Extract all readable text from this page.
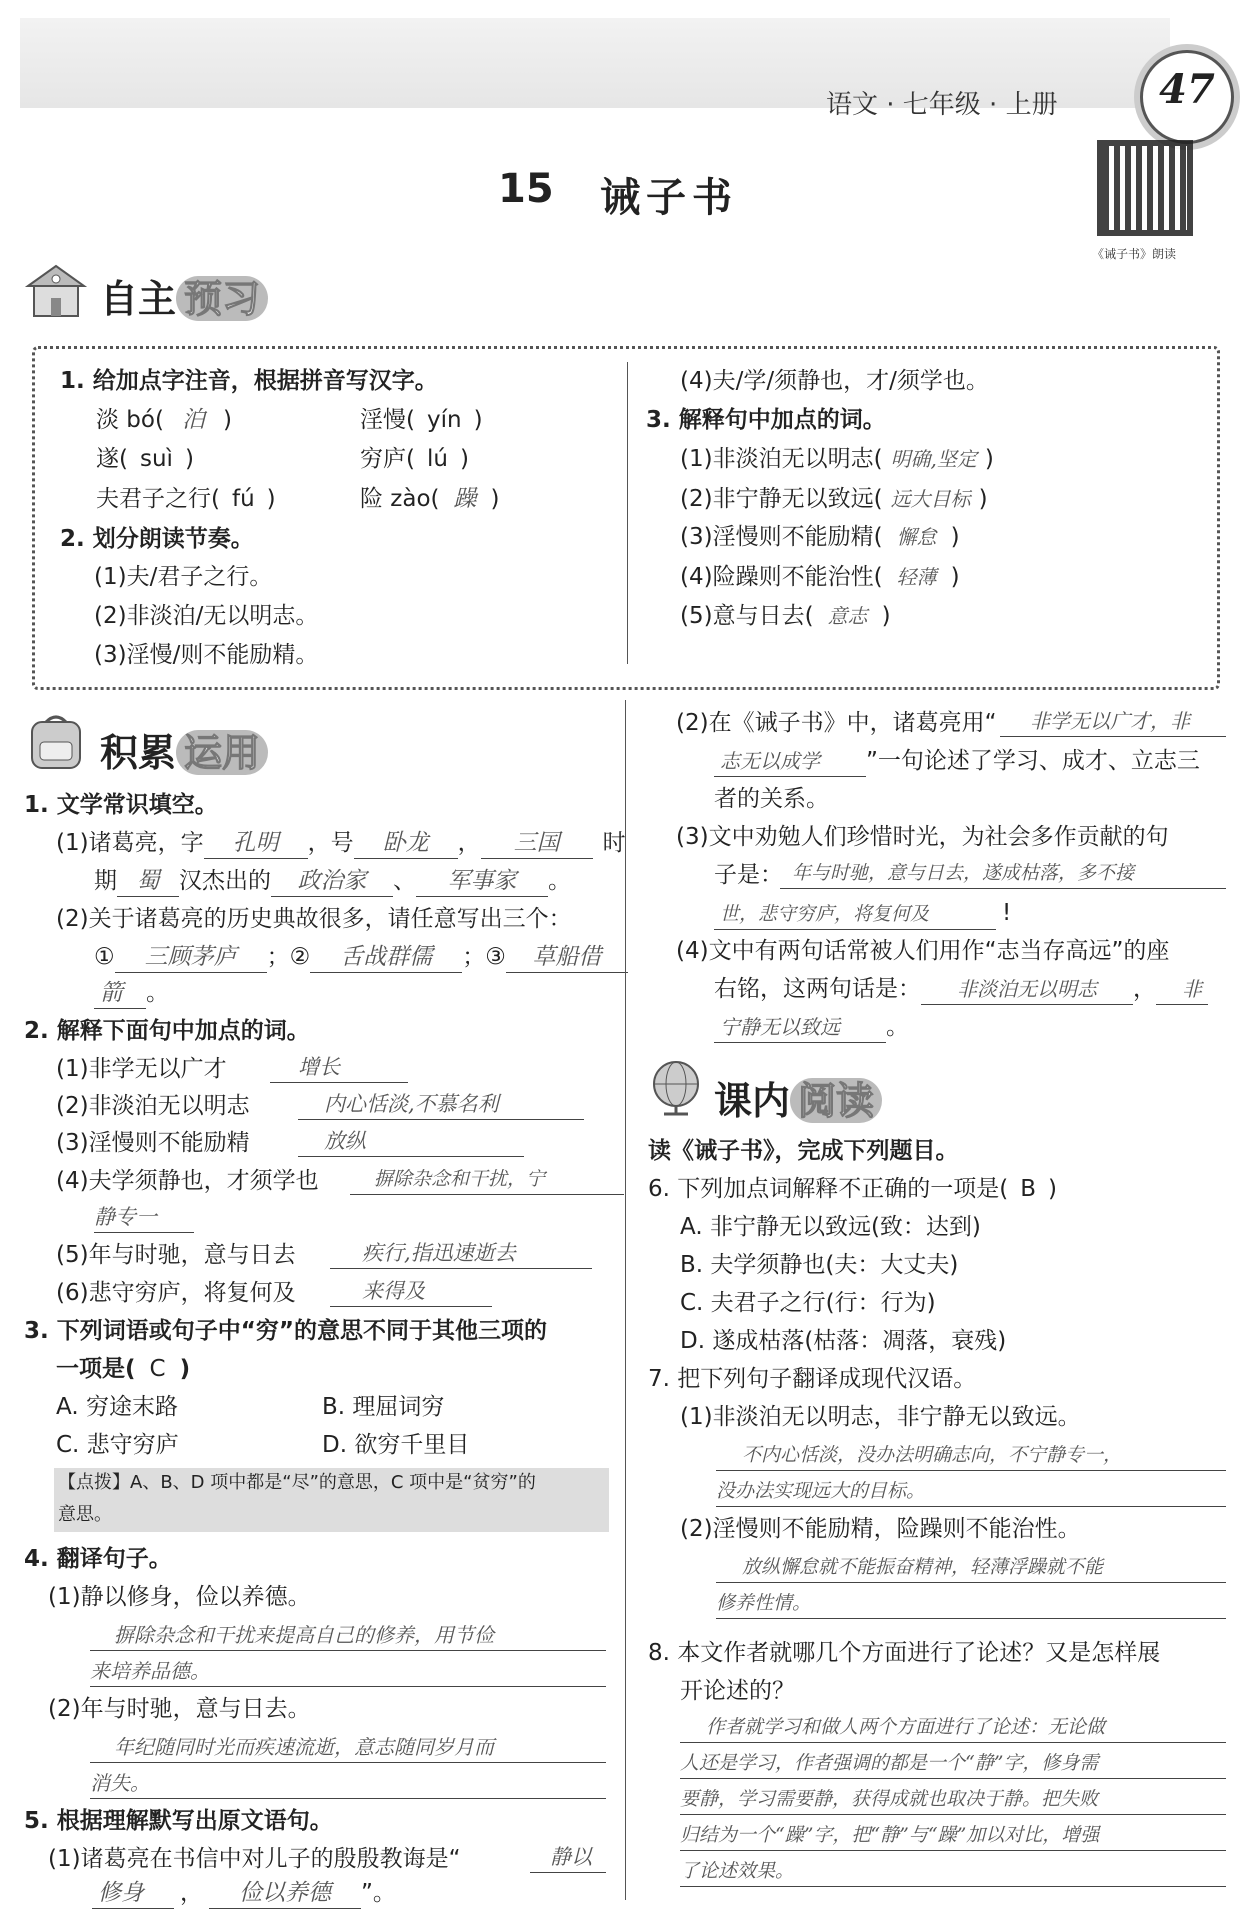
语文 · 七年级 · 上册	47
15 诫子书
《诫子书》朗读
自主 预习
1. 给加点字注音，根据拼音写汉字。
淡 bó( 泊 )	淫慢( yín )
遂( suì )	穷庐( lú )
夫君子之行( fú )	险 zào( 躁 )
2. 划分朗读节奏。
(1)夫/君子之行。
(2)非淡泊/无以明志。
(3)淫慢/则不能励精。
(4)夫/学/须静也，才/须学也。
3. 解释句中加点的词。
(1)非淡泊无以明志( 明确,坚定 )
(2)非宁静无以致远( 远大目标 )
(3)淫慢则不能励精( 懈怠 )
(4)险躁则不能治性( 轻薄 )
(5)意与日去( 意志 )
积累 运用
1. 文学常识填空。
(1)诸葛亮，字 孔明 ，号 卧龙 ， 三国 时
期 蜀 汉杰出的 政治家 、 军事家 。
(2)关于诸葛亮的历史典故很多，请任意写出三个：
① 三顾茅庐 ；② 舌战群儒 ；③ 草船借
箭 。
2. 解释下面句中加点的词。
(1)非学无以广才	增长
(2)非淡泊无以明志	内心恬淡,不慕名利
(3)淫慢则不能励精	放纵
(4)夫学须静也，才须学也	摒除杂念和干扰，宁
静专一
(5)年与时驰，意与日去	疾行,指迅速逝去
(6)悲守穷庐，将复何及	来得及
3. 下列词语或句子中“穷”的意思不同于其他三项的
一项是( C )
A. 穷途末路	B. 理屈词穷
C. 悲守穷庐	D. 欲穷千里目
【点拨】A、B、D 项中都是“尽”的意思，C 项中是“贫穷”的
意思。
4. 翻译句子。
(1)静以修身，俭以养德。
摒除杂念和干扰来提高自己的修养，用节俭
来培养品德。
(2)年与时驰，意与日去。
年纪随同时光而疾速流逝，意志随同岁月而
消失。
5. 根据理解默写出原文语句。
(1)诸葛亮在书信中对儿子的殷殷教诲是“	静以
修身 ， 俭以养德 ”。
(2)在《诫子书》中，诸葛亮用“	非学无以广才，非
志无以成学 ”一句论述了学习、成才、立志三
者的关系。
(3)文中劝勉人们珍惜时光，为社会多作贡献的句
子是： 年与时驰，意与日去，遂成枯落，多不接
世，悲守穷庐，将复何及	!
(4)文中有两句话常被人们用作“志当存高远”的座
右铭，这两句话是： 非淡泊无以明志 ， 非
宁静无以致远 。
课内 阅读
读《诫子书》，完成下列题目。
6. 下列加点词解释不正确的一项是( B )
A. 非宁静无以致远(致：达到)
B. 夫学须静也(夫：大丈夫)
C. 夫君子之行(行：行为)
D. 遂成枯落(枯落：凋落，衰残)
7. 把下列句子翻译成现代汉语。
(1)非淡泊无以明志，非宁静无以致远。
不内心恬淡，没办法明确志向，不宁静专一，
没办法实现远大的目标。
(2)淫慢则不能励精，险躁则不能治性。
放纵懈怠就不能振奋精神，轻薄浮躁就不能
修养性情。
8. 本文作者就哪几个方面进行了论述？又是怎样展
开论述的？
作者就学习和做人两个方面进行了论述：无论做
人还是学习，作者强调的都是一个“静”字，修身需
要静，学习需要静，获得成就也取决于静。把失败
归结为一个“躁”字，把“静”与“躁”加以对比，增强
了论述效果。
